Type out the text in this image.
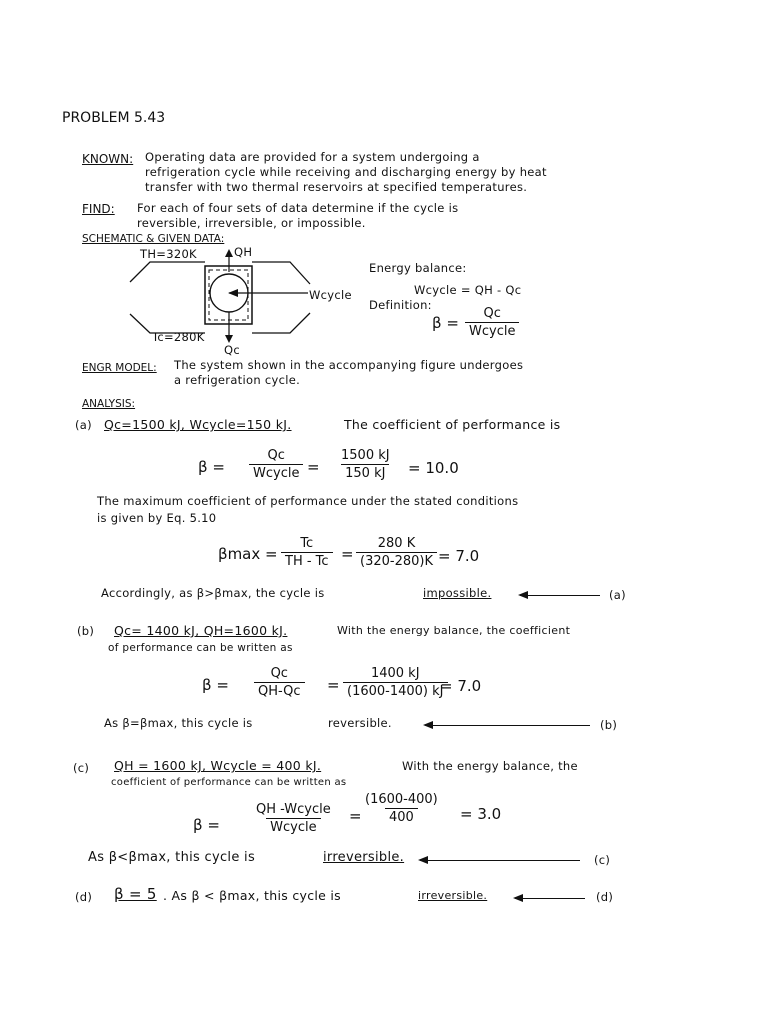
PROBLEM 5.43
KNOWN: Operating data are provided for a system undergoing a
refrigeration cycle while receiving and discharging energy by heat
transfer with two thermal reservoirs at specified temperatures.
FIND: For each of four sets of data determine if the cycle is
reversible, irreversible, or impossible.
SCHEMATIC & GIVEN DATA:
TH=320K	QH
Tc=280K
Qc
Wcycle
Energy balance:
Wcycle = QH - Qc
Definition:
β =
Qc
Wcycle
ENGR MODEL: The system shown in the accompanying figure undergoes
a refrigeration cycle.
ANALYSIS:
(a) Qc=1500 kJ, Wcycle=150 kJ.	The coefficient of performance is
β =
Qc
Wcycle = $\frac{1500 kJ}{150 kJ} = 10.0$
The maximum coefficient of performance under the stated conditions
is given by Eq. 5.10
$\beta\max = \frac{Tc}{TH - Tc} = \frac{280 K}{(320-280)K} = 7.0$
Accordingly, as β>βmax, the cycle is	impossible.	(a)
(b) Qc= 1400 kJ, QH=1600 kJ.	With the energy balance, the coefficient
of performance can be written as
$\beta = \frac{Qc}{QH-Qc} = \frac{1400 kJ}{(1600-1400) kJ}$
= 7.0
As β=βmax, this cycle is	reversible.	(b)
(c) QH = 1600 kJ, Wcycle = 400 kJ.	With the energy balance, the
coefficient of performance can be written as
β =
QH -Wcycle
Wcycle
= $\frac{(1600-400)}{400} = 3.0$
As β<βmax, this cycle is	irreversible.	(c)
(d) β = 5 . As β < βmax, this cycle is	irreversible.	(d)
